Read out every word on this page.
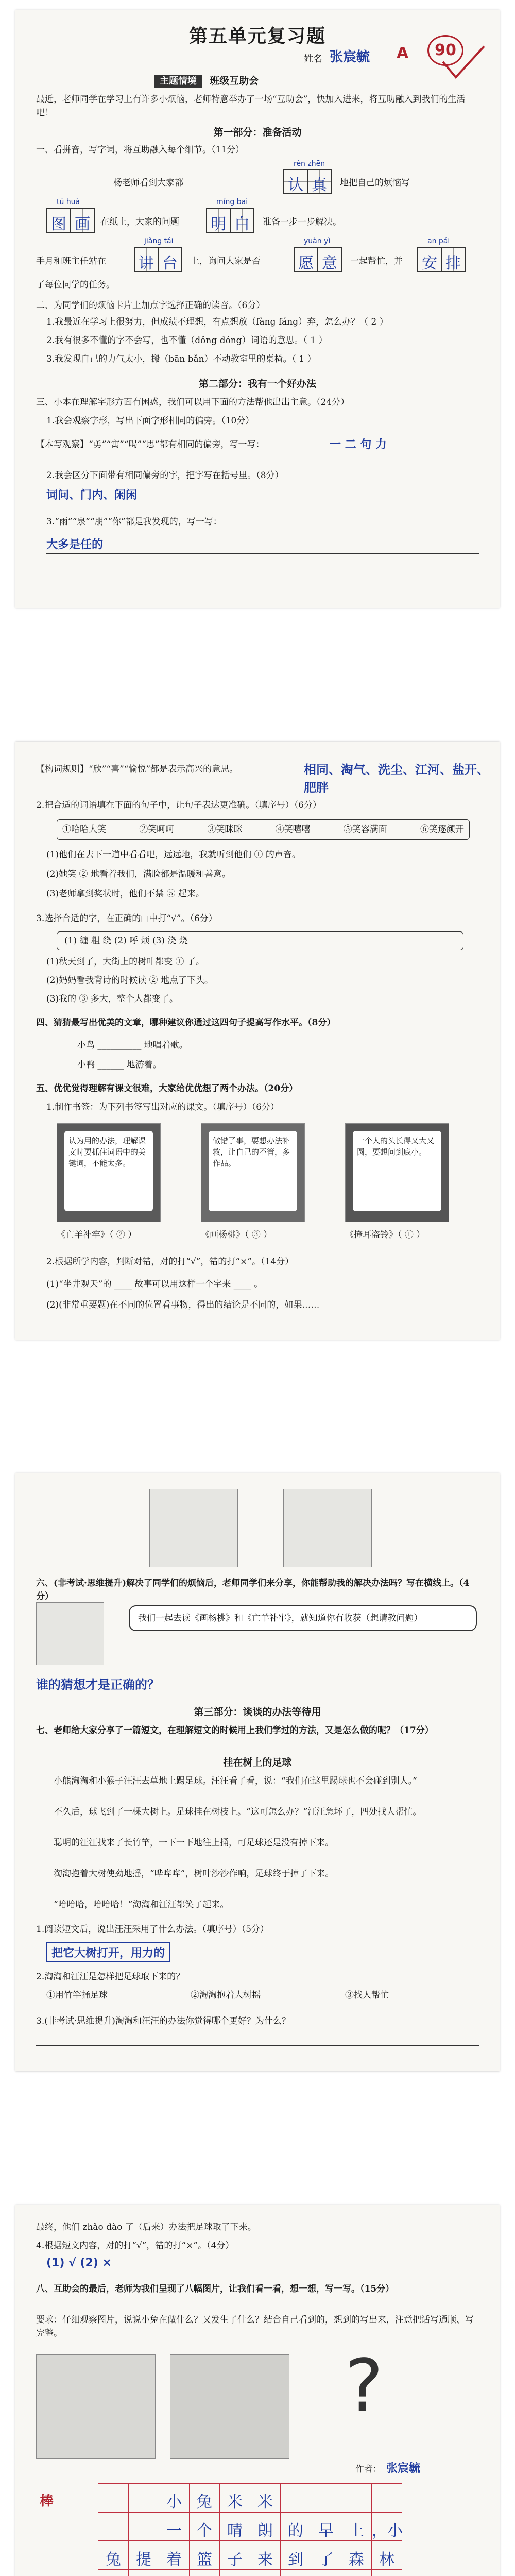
第五单元复习题
姓名 张宸毓 A	90
主题情境 班级互助会
最近，老师同学在学习上有许多小烦恼，老师特意举办了一场“互助会”，快加入进来，将互助融入到我们的生活吧！
第一部分：准备活动
一、看拼音，写字词，将互助融入每个细节。（11分）
rèn zhēn
杨老师看到大家都	认 真	地把自己的烦恼写
tú huà	míng bai
图 画	在纸上，大家的问题 明 白	准备一步一步解决。
jiǎng tái	yuàn yì	ān pái
手月和班主任站在 讲 台	上，询问大家是否 愿 意	一起帮忙，并 安 排
了每位同学的任务。
二、为同学们的烦恼卡片上加点字选择正确的读音。（6分）
1.我最近在学习上很努力，但成绩不理想，有点想放（fàng fáng）弃，怎么办？（ 2 ）
2.我有很多不懂的字不会写，也不懂（dǒng dóng）词语的意思。（ 1 ）
3.我发现自己的力气太小，搬（bān bǎn）不动教室里的桌椅。（ 1 ）
第二部分：我有一个好办法
三、小本在理解字形方面有困惑，我们可以用下面的方法帮他出出主意。（24分）
1.我会观察字形，写出下面字形相同的偏旁。（10分）
【本写观察】“勇”“寓”“喝”“思”都有相同的偏旁，写一写：	一 二 句 力
2.我会区分下面带有相同偏旁的字，把字写在括号里。（8分）
词问、门内、闲闲
3.“雨”“泉”“朋”“你”都是我发现的，写一写：
大多是任的
【构词规则】“欣”“喜”“愉悦”都是表示高兴的意思。	相同、淘气、洗尘、江河、盐开、肥胖
2.把合适的词语填在下面的句子中，让句子表达更准确。（填序号）（6分）
①哈哈大笑	②笑呵呵	③笑眯眯	④笑嘻嘻	⑤笑容满面	⑥笑逐颜开
(1)他们在去下一道中看看吧，远远地，我就听到他们 ① 的声音。
(2)她笑 ② 地看着我们，满脸都是温暖和善意。
(3)老师拿到奖状时，他们不禁 ⑤ 起来。
3.选择合适的字，在正确的□中打“√”。（6分）
(1) 缠 粗 绕 (2) 呼 烦 (3) 浇 烧
(1)秋天到了，大街上的树叶都变 ① 了。
(2)妈妈看我背诗的时候读 ② 地点了下头。
(3)我的 ③ 多大，整个人都变了。
四、猜猜最写出优美的文章，哪种建议你通过这四句子提高写作水平。（8分）
小鸟 __________ 地唱着歌。
小鸭 ______ 地游着。
五、优优觉得理解有课文很难，大家给优优想了两个办法。（20分）
1.制作书签：为下列书签写出对应的课文。（填序号）（6分）
认为用的办法，理解课文时要抓住词语中的关键词，不能太多。
做错了事，要想办法补救，让自己的不管，多作品。
一个人的头长得又大又圆，要想问到底小。
《亡羊补牢》（ ② ）	《画杨桃》（ ③ ）	《掩耳盗铃》（ ① ）
2.根据所学内容，判断对错，对的打“√”，错的打“×”。（14分）
(1)“坐井观天”的 ____ 故事可以用这样一个字来 ____ 。
(2)(非常重要题)在不同的位置看事物，得出的结论是不同的，如果……
六、(非考试·思维提升)解决了同学们的烦恼后，老师同学们来分享，你能帮助我的解决办法吗？写在横线上。（4分）
我们一起去读《画杨桃》和《亡羊补牢》，就知道你有收获（想请教问题）
谁的猜想才是正确的？
第三部分：谈谈的办法等待用
七、老师给大家分享了一篇短文，在理解短文的时候用上我们学过的方法，又是怎么做的呢？（17分）
挂在树上的足球
小熊淘淘和小猴子汪汪去草地上踢足球。汪汪看了看，说：“我们在这里踢球也不会碰到别人。”
不久后，球飞到了一棵大树上。足球挂在树枝上。“这可怎么办？”汪汪急坏了，四处找人帮忙。
聪明的汪汪找来了长竹竿，一下一下地往上捅，可足球还是没有掉下来。
淘淘抱着大树使劲地摇，“哗哗哗”，树叶沙沙作响，足球终于掉了下来。
“哈哈哈，哈哈哈！”淘淘和汪汪都笑了起来。
1.阅读短文后，说出汪汪采用了什么办法。（填序号）（5分）
把它大树打开，用力的
2.淘淘和汪汪是怎样把足球取下来的？
①用竹竿捅足球	②淘淘抱着大树摇	③找人帮忙
3.(非考试·思维提升)淘淘和汪汪的办法你觉得哪个更好？为什么？
最终，他们 zhǎo dào 了（后来）办法把足球取了下来。
4.根据短文内容，对的打“√”，错的打“×”。（4分）
(1) √ (2) ×
八、互助会的最后，老师为我们呈现了八幅图片，让我们看一看，想一想，写一写。（15分）
要求：仔细观察图片，说说小兔在做什么？又发生了什么？结合自己看到的，想到的写出来，注意把话写通顺、写完整。
?
作者： 张宸毓
小 兔 米 米
一 个 晴 朗 的 早 上 ，小
兔 提 着 篮 子 来 到 了 森 林
棒
